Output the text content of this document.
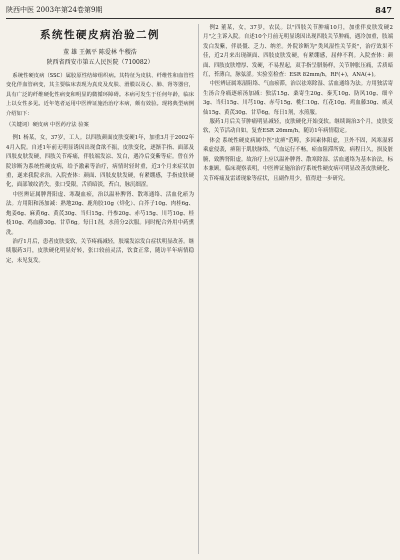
陕西中医 2003年第24卷第9期	847
系统性硬皮病治验二例
董 雄 王佩平 陈爱林 牛稷浩
陕西省西安市第五人民医院（710082）

系统性硬皮病（SSC）属胶原性结缔组织病。其特征为皮肤、纤维性和血管性变化伴血管病变，其主要临床表现为真皮及皮肤、滑膜以及心、肺、肾等器官，具有广泛的纤维硬化性病变和明显的微循环障碍。本病可发生于任何年龄，临床上以女性多见。近年笔者运用中医辨证施治治疗本病，颇有效验。现将典型病例介绍如下：

（关键词）硬皮病 中医药疗法 验案

例1 杨某，女，37岁，工人。以四肢颜面皮肤变硬1年，加重3月于2002年4月入院。自述1年前无明显诱因出现食欲不振，皮肤变化，逐渐手指、面部及四肢皮肤发硬，四肢关节疼痛，伴肢端发凉、发白，遇冷后变紫等症。曾在外院诊断为系统性硬皮病，给予激素等治疗，病情时轻时重，近3个月来症状加重，遂来我院求治。入院查体：颜面、四肢皮肤发硬，有紧绷感，手指皮肤硬化，面部皱纹消失，张口受限，舌质暗淡，苔白，脉沉细涩。

中医辨证属脾肾阳虚、寒凝血瘀，治以温补脾肾、散寒通络、活血化瘀为法。方用阳和汤加减：熟地20g、鹿角胶10g（烊化）、白芥子10g、肉桂6g、炮姜6g、麻黄6g、黄芪30g、当归15g、丹参20g、赤芍15g、川芎10g、桂枝10g、鸡血藤30g、甘草6g。每日1剂，水煎分2次服。同时配合外用中药熏洗。

治疗1月后，患者皮肤变软，关节疼痛减轻，肢端发凉发白症状明显改善。继续服药3月，皮肤硬化明显好转，张口较前灵活，饮食正常，随访半年病情稳定，未见复发。

例2 董某，女，37岁，农民。以"四肢关节肿痛10月，加重伴皮肤发硬2月"之主诉入院。自述10个月前无明显诱因出现四肢关节肿痛，遇冷加重，肢端发白发紫，伴晨僵、乏力、纳差。外院诊断为"类风湿性关节炎"，治疗效果不佳，近2月来出现颜面、四肢皮肤发硬，有紧绷感，屈伸不利。入院查体：颜面、四肢皮肤增厚、发硬，不易捏起，双手指呈腊肠样，关节肿胀压痛，舌质暗红，苔薄白，脉弦涩。实验室检查：ESR 82mm/h，RF(+)，ANA(+)。

中医辨证属寒湿阻络、气血瘀滞，治以祛寒除湿、活血通络为法。方用独活寄生汤合身痛逐瘀汤加减：独活15g、桑寄生20g、秦艽10g、防风10g、细辛3g、当归15g、川芎10g、赤芍15g、桃仁10g、红花10g、鸡血藤30g、威灵仙15g、黄芪30g、甘草6g。每日1剂，水煎服。

服药1月后关节肿痛明显减轻，皮肤硬化开始变软。继续调治3个月，皮肤变软，关节活动自如，复查ESR 26mm/h，随访1年病情稳定。

体会 系统性硬皮病属中医"皮痹"范畴，多因素体阳虚，卫外不固，风寒湿邪乘虚侵袭，痹阻于肌肤脉络，气血运行不畅，瘀血阻滞所致。病程日久，损及脏腑，致脾肾阳虚。故治疗上应以温补脾肾、散寒除湿、活血通络为基本治法，标本兼顾。临床观察表明，中医辨证施治治疗系统性硬皮病可明显改善皮肤硬化、关节疼痛及雷诺现象等症状，且副作用少，值得进一步研究。
